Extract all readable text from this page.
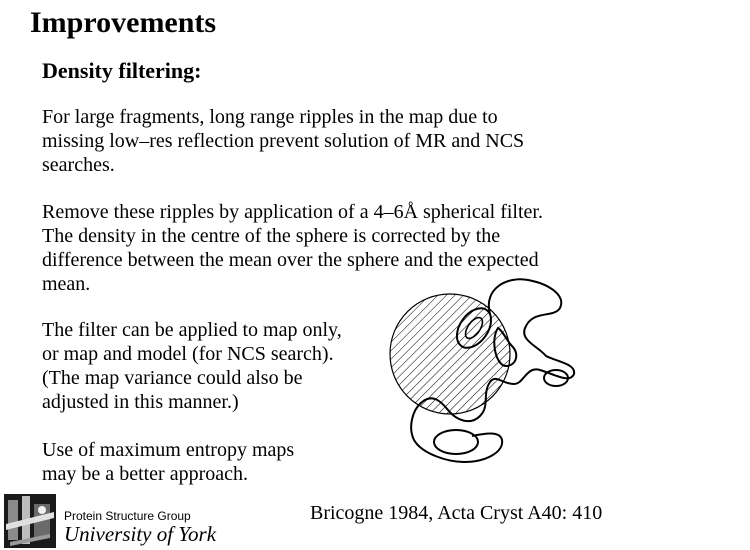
Improvements
Density filtering:
For large fragments, long range ripples in the map due to
missing low–res reflection prevent solution of MR and NCS
searches.
Remove these ripples by application of a 4–6Å spherical filter.
The density in the centre of the sphere is corrected by the
difference between the mean over the sphere and the expected
mean.
The filter can be applied to map only,
or map and model (for NCS search).
(The map variance could also be
adjusted in this manner.)
Use of maximum entropy maps
may be a better approach.
Protein Structure Group
University of York
Bricogne 1984, Acta Cryst A40: 410
